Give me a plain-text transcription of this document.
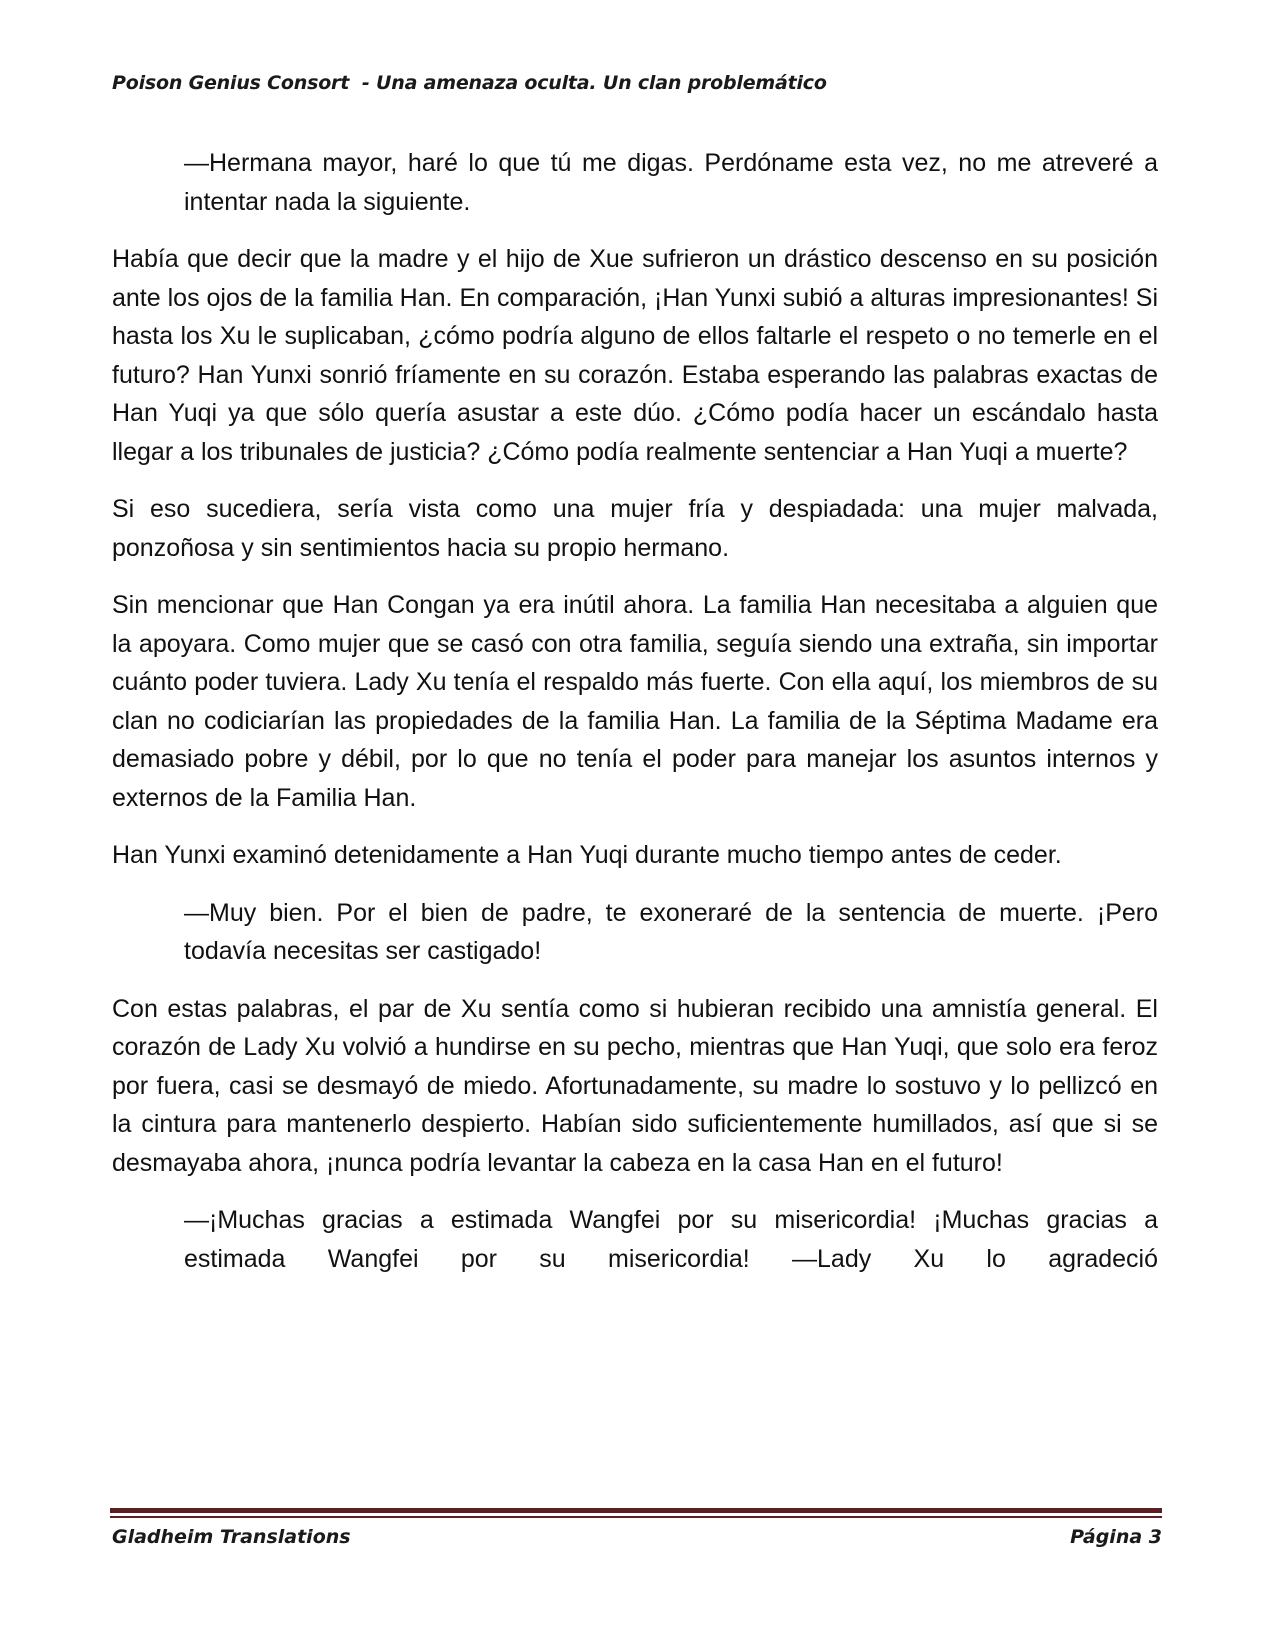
Poison Genius Consort  - Una amenaza oculta. Un clan problemático

—Hermana mayor, haré lo que tú me digas. Perdóname esta vez, no me atreveré a intentar nada la siguiente.

Había que decir que la madre y el hijo de Xue sufrieron un drástico descenso en su posición ante los ojos de la familia Han. En comparación, ¡Han Yunxi subió a alturas impresionantes! Si hasta los Xu le suplicaban, ¿cómo podría alguno de ellos faltarle el respeto o no temerle en el futuro? Han Yunxi sonrió fríamente en su corazón. Estaba esperando las palabras exactas de Han Yuqi ya que sólo quería asustar a este dúo. ¿Cómo podía hacer un escándalo hasta llegar a los tribunales de justicia? ¿Cómo podía realmente sentenciar a Han Yuqi a muerte?

Si eso sucediera, sería vista como una mujer fría y despiadada: una mujer malvada, ponzoñosa y sin sentimientos hacia su propio hermano.

Sin mencionar que Han Congan ya era inútil ahora. La familia Han necesitaba a alguien que la apoyara. Como mujer que se casó con otra familia, seguía siendo una extraña, sin importar cuánto poder tuviera. Lady Xu tenía el respaldo más fuerte. Con ella aquí, los miembros de su clan no codiciarían las propiedades de la familia Han. La familia de la Séptima Madame era demasiado pobre y débil, por lo que no tenía el poder para manejar los asuntos internos y externos de la Familia Han.

Han Yunxi examinó detenidamente a Han Yuqi durante mucho tiempo antes de ceder.

—Muy bien. Por el bien de padre, te exoneraré de la sentencia de muerte. ¡Pero todavía necesitas ser castigado!

Con estas palabras, el par de Xu sentía como si hubieran recibido una amnistía general. El corazón de Lady Xu volvió a hundirse en su pecho, mientras que Han Yuqi, que solo era feroz por fuera, casi se desmayó de miedo. Afortunadamente, su madre lo sostuvo y lo pellizcó en la cintura para mantenerlo despierto. Habían sido suficientemente humillados, así que si se desmayaba ahora, ¡nunca podría levantar la cabeza en la casa Han en el futuro!

—¡Muchas gracias a estimada Wangfei por su misericordia! ¡Muchas gracias a estimada Wangfei por su misericordia! —Lady Xu lo agradeció

Gladheim Translations	Página 3
